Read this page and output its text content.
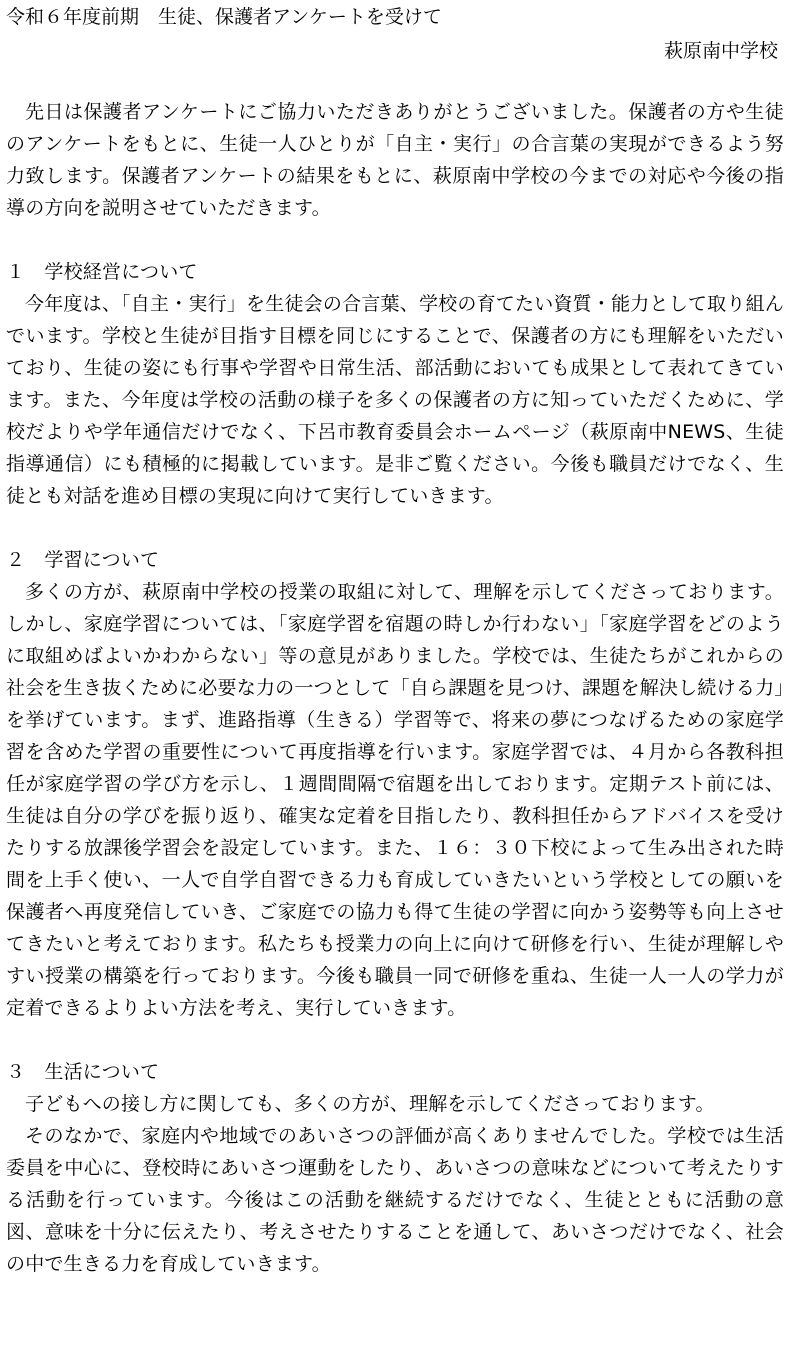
令和６年度前期　生徒、保護者アンケートを受けて
萩原南中学校

先日は保護者アンケートにご協力いただきありがとうございました。保護者の方や生徒のアンケートをもとに、生徒一人ひとりが「自主・実行」の合言葉の実現ができるよう努力致します。保護者アンケートの結果をもとに、萩原南中学校の今までの対応や今後の指導の方向を説明させていただきます。

１　学校経営について

今年度は、「自主・実行」を生徒会の合言葉、学校の育てたい資質・能力として取り組んでいます。学校と生徒が目指す目標を同じにすることで、保護者の方にも理解をいただいており、生徒の姿にも行事や学習や日常生活、部活動においても成果として表れてきています。また、今年度は学校の活動の様子を多くの保護者の方に知っていただくために、学校だよりや学年通信だけでなく、下呂市教育委員会ホームページ（萩原南中NEWS、生徒指導通信）にも積極的に掲載しています。是非ご覧ください。今後も職員だけでなく、生徒とも対話を進め目標の実現に向けて実行していきます。

２　学習について

多くの方が、萩原南中学校の授業の取組に対して、理解を示してくださっております。しかし、家庭学習については、「家庭学習を宿題の時しか行わない」「家庭学習をどのように取組めばよいかわからない」等の意見がありました。学校では、生徒たちがこれからの社会を生き抜くために必要な力の一つとして「自ら課題を見つけ、課題を解決し続ける力」を挙げています。まず、進路指導（生きる）学習等で、将来の夢につなげるための家庭学習を含めた学習の重要性について再度指導を行います。家庭学習では、４月から各教科担任が家庭学習の学び方を示し、１週間間隔で宿題を出しております。定期テスト前には、生徒は自分の学びを振り返り、確実な定着を目指したり、教科担任からアドバイスを受けたりする放課後学習会を設定しています。また、１６：３０下校によって生み出された時間を上手く使い、一人で自学自習できる力も育成していきたいという学校としての願いを保護者へ再度発信していき、ご家庭での協力も得て生徒の学習に向かう姿勢等も向上させてきたいと考えております。私たちも授業力の向上に向けて研修を行い、生徒が理解しやすい授業の構築を行っております。今後も職員一同で研修を重ね、生徒一人一人の学力が定着できるよりよい方法を考え、実行していきます。

３　生活について

子どもへの接し方に関しても、多くの方が、理解を示してくださっております。

そのなかで、家庭内や地域でのあいさつの評価が高くありませんでした。学校では生活委員を中心に、登校時にあいさつ運動をしたり、あいさつの意味などについて考えたりする活動を行っています。今後はこの活動を継続するだけでなく、生徒とともに活動の意図、意味を十分に伝えたり、考えさせたりすることを通して、あいさつだけでなく、社会の中で生きる力を育成していきます。
